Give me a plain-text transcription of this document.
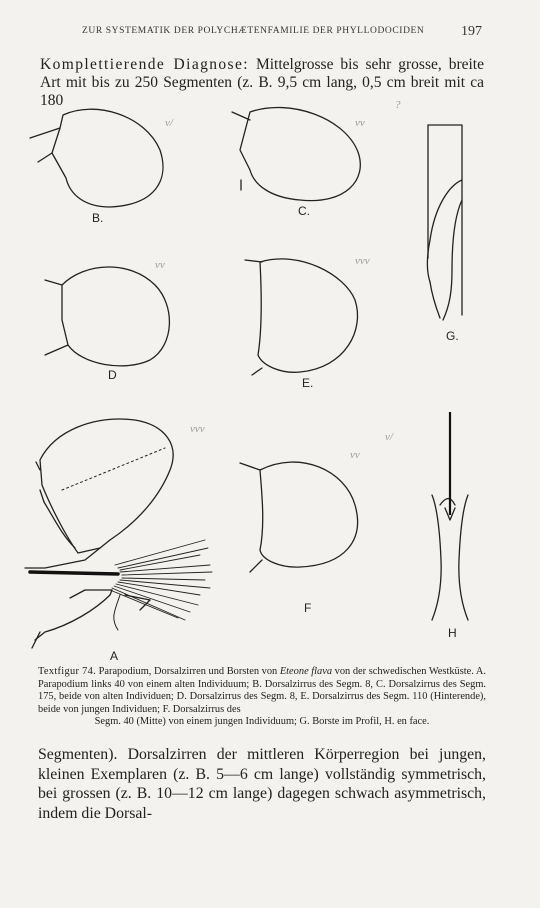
ZUR SYSTEMATIK DER POLYCHÆTENFAMILIE DER PHYLLODOCIDEN	197
Komplettierende Diagnose: Mittelgrosse bis sehr grosse, breite Art mit bis zu 250 Segmenten (z. B. 9,5 cm lang, 0,5 cm breit mit ca 180
v/	vv
?
vv	vvv
vvv
v/
vv
B.	C.
D
E.
G.
A
F
H
Textfigur 74. Parapodium, Dorsalzirren und Borsten von Eteone flava von der schwedischen Westküste. A. Parapodium links 40 von einem alten Individuum; B. Dorsalzirrus des Segm. 8, C. Dorsalzirrus des Segm. 175, beide von alten Individuen; D. Dorsalzirrus des Segm. 8, E. Dorsalzirrus des Segm. 110 (Hinterende), beide von jungen Individuen; F. Dorsalzirrus des
Segm. 40 (Mitte) von einem jungen Individuum; G. Borste im Profil, H. en face.
Segmenten). Dorsalzirren der mittleren Körperregion bei jungen, kleinen Exemplaren (z. B. 5—6 cm lange) vollständig symmetrisch, bei grossen (z. B. 10—12 cm lange) dagegen schwach asymmetrisch, indem die Dorsal-
